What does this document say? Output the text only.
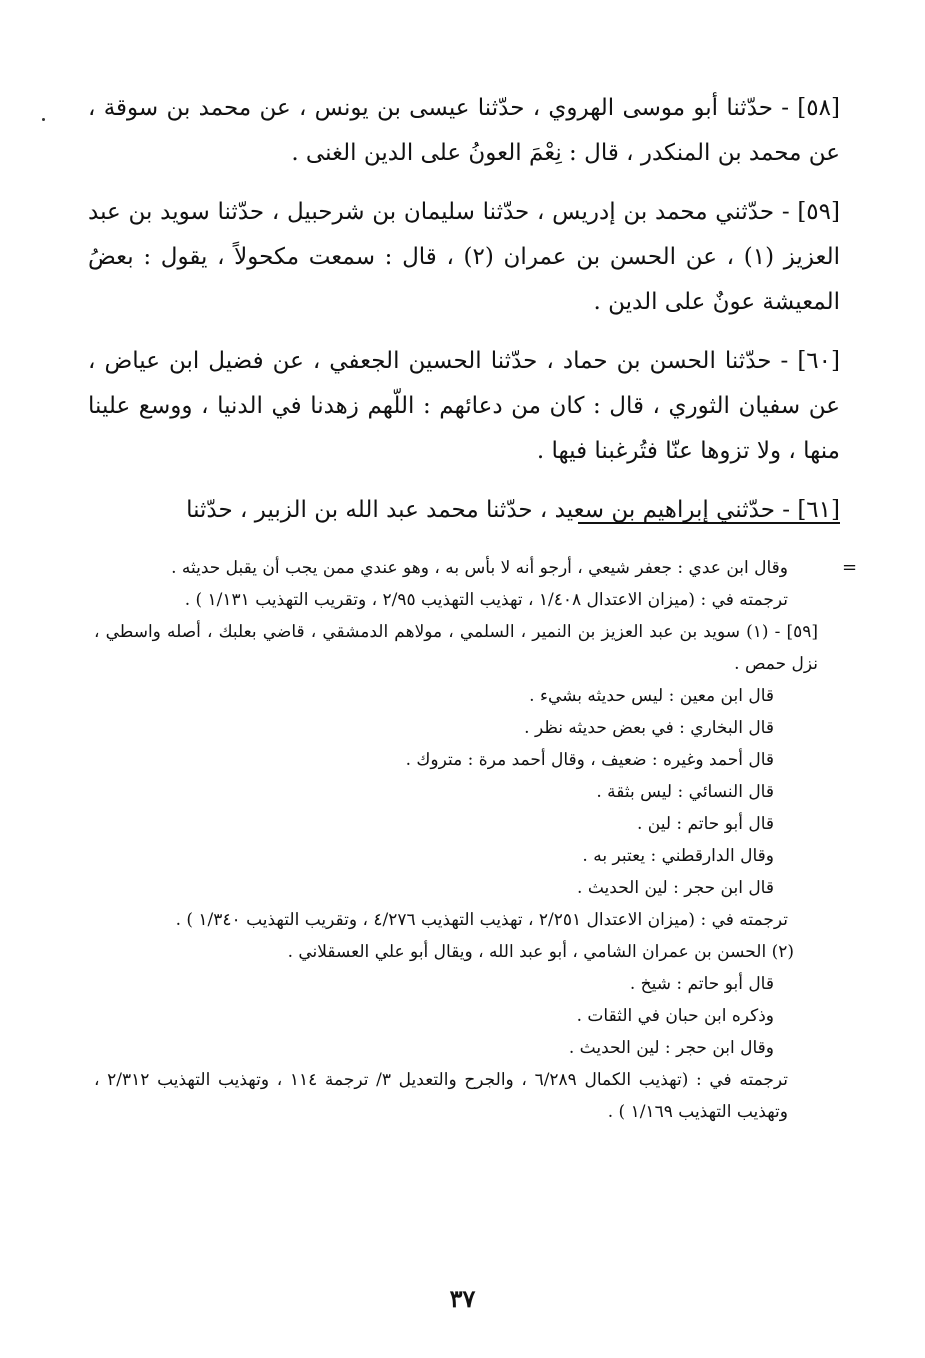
[٥٨] - حدّثنا أبو موسى الهروي ، حدّثنا عيسى بن يونس ، عن محمد بن سوقة ، عن محمد بن المنكدر ، قال : نِعْمَ العونُ على الدين الغنى .

[٥٩] - حدّثني محمد بن إدريس ، حدّثنا سليمان بن شرحبيل ، حدّثنا سويد بن عبد العزيز (١) ، عن الحسن بن عمران (٢) ، قال : سمعت مكحولاً ، يقول : بعضُ المعيشة عونٌ على الدين .

[٦٠] - حدّثنا الحسن بن حماد ، حدّثنا الحسين الجعفي ، عن فضيل ابن عياض ، عن سفيان الثوري ، قال : كان من دعائهم : اللّهم زهدنا في الدنيا ، ووسع علينا منها ، ولا تزوها عنّا فتُرغبنا فيها .

[٦١] - حدّثني إبراهيم بن سعيد ، حدّثنا محمد عبد الله بن الزبير ، حدّثنا

=

وقال ابن عدي : جعفر شيعي ، أرجو أنه لا بأس به ، وهو عندي ممن يجب أن يقبل حديثه .

ترجمته في : (ميزان الاعتدال ١/٤٠٨ ، تهذيب التهذيب ٢/٩٥ ، وتقريب التهذيب ١/١٣١ ) .

[٥٩] - (١) سويد بن عبد العزيز بن النمير ، السلمي ، مولاهم الدمشقي ، قاضي بعلبك ، أصله واسطي ، نزل حمص .

قال ابن معين : ليس حديثه بشيء .

قال البخاري : في بعض حديثه نظر .

قال أحمد وغيره : ضعيف ، وقال أحمد مرة : متروك .

قال النسائي : ليس بثقة .

قال أبو حاتم : لين .

وقال الدارقطني : يعتبر به .

قال ابن حجر : لين الحديث .

ترجمته في : (ميزان الاعتدال ٢/٢٥١ ، تهذيب التهذيب ٤/٢٧٦ ، وتقريب التهذيب ١/٣٤٠ ) .

(٢) الحسن بن عمران الشامي ، أبو عبد الله ، ويقال أبو علي العسقلاني .

قال أبو حاتم : شيخ .

وذكره ابن حبان في الثقات .

وقال ابن حجر : لين الحديث .

ترجمته في : (تهذيب الكمال ٦/٢٨٩ ، والجرح والتعديل ٣/ ترجمة ١١٤ ، وتهذيب التهذيب ٢/٣١٢ ، وتهذيب التهذيب ١/١٦٩ ) .

٣٧
